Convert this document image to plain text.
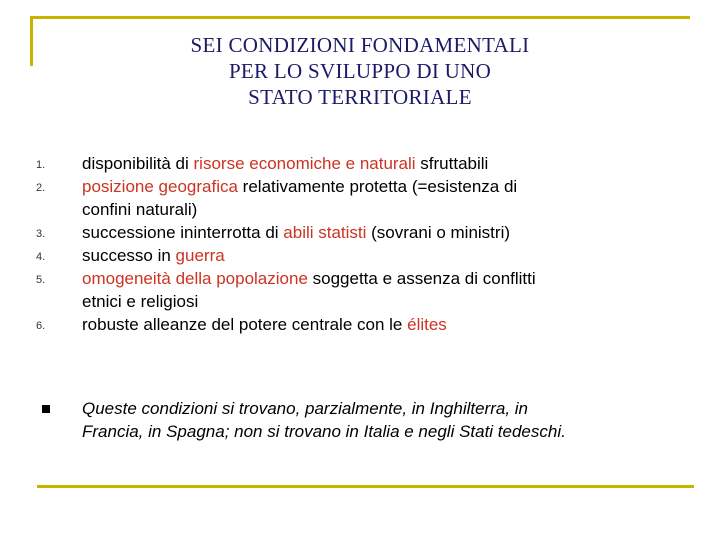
SEI CONDIZIONI FONDAMENTALI
PER LO SVILUPPO DI UNO
STATO TERRITORIALE
1.	disponibilità di risorse economiche e naturali sfruttabili
2.	posizione geografica relativamente protetta (=esistenza di
confini naturali)
3.	successione ininterrotta di abili statisti (sovrani o ministri)
4.	successo in guerra
5.	omogeneità della popolazione soggetta e assenza di conflitti
etnici e religiosi
6.	robuste alleanze del potere centrale con le élites
Queste condizioni si trovano, parzialmente, in Inghilterra, in
Francia, in Spagna; non si trovano in Italia e negli Stati tedeschi.
